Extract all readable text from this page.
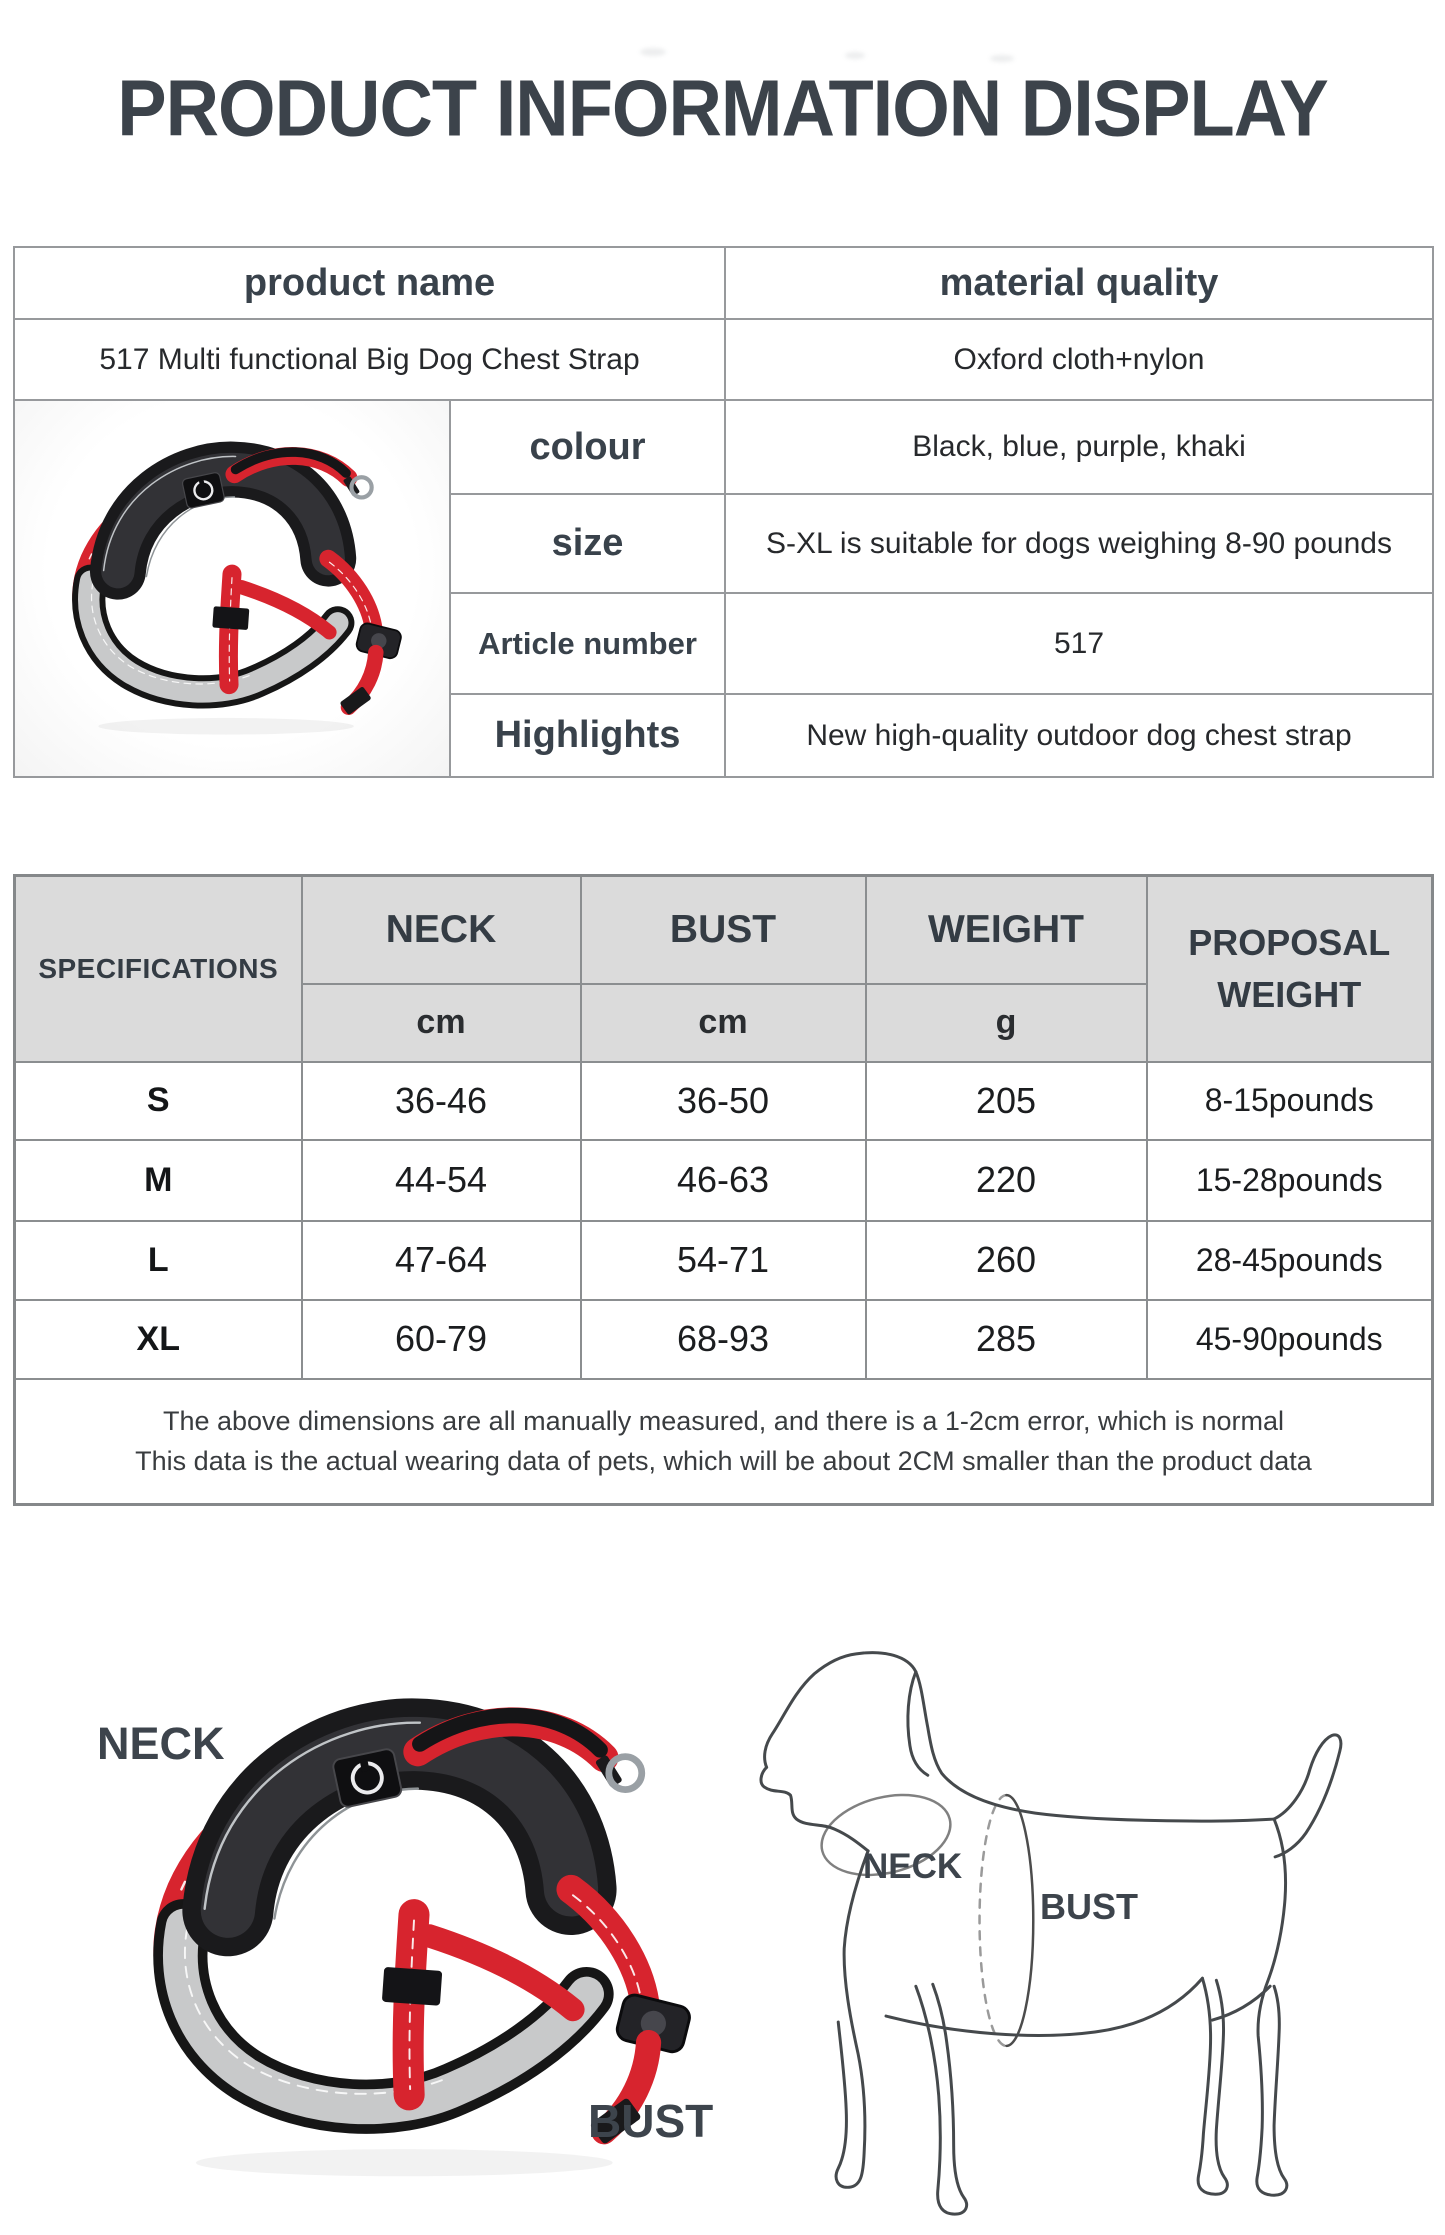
PRODUCT INFORMATION DISPLAY
product name		material quality
517 Multi functional Big Dog Chest Strap		Oxford cloth+nylon
	colour	Black, blue, purple, khaki
	size	S-XL is suitable for dogs weighing 8-90 pounds
	Article number	517
	Highlights	New high-quality outdoor dog chest strap
SPECIFICATIONS	NECK	BUST	WEIGHT	PROPOSAL WEIGHT
	cm	cm	g	
S	36-46	36-50	205	8-15pounds
M	44-54	46-63	220	15-28pounds
L	47-64	54-71	260	28-45pounds
XL	60-79	68-93	285	45-90pounds

The above dimensions are all manually measured, and there is a 1-2cm error, which is normal
This data is the actual wearing data of pets, which will be about 2CM smaller than the product data				
NECK
BUST
NECK
BUST
